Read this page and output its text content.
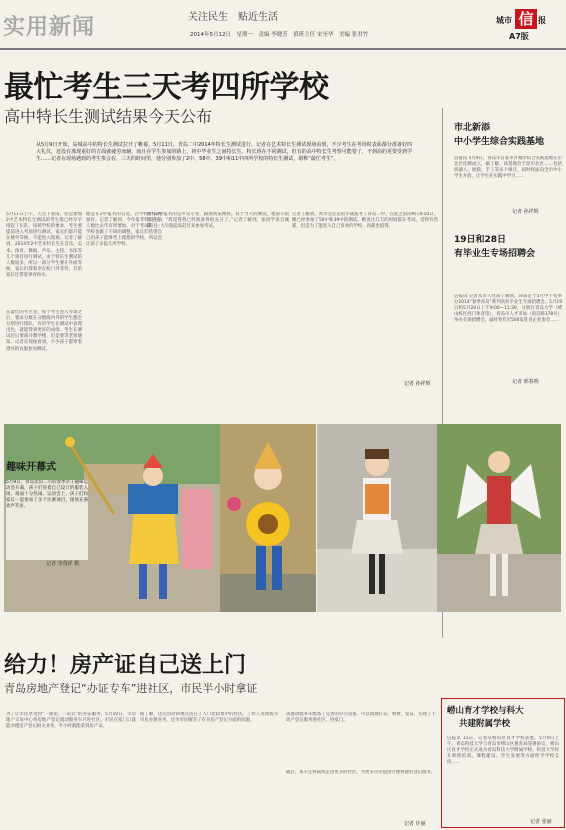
实用新闻	关注民生　贴近生活
2014年5月12日　星期一　责编 李晓芳　值班主任 宋至华　美编 张君竹
城市 信 报
A7版
最忙考生三天考四所学校
高中特长生测试结果今天公布
从5月9日开始，岛城高中的特长生测试拉开了帷幕。5月11日，青岛二中2014年特长生测试进行。记者在艺术特长生测试现场看到，不少考生在考场时表面都分准备好四大礼仪，还没有离现重好的方面就疲劳而辅，而且在学生参加的路上，初中毕业生之间特长生、特长班在不同测试，但有的高中特长生考察可能要了，不到高的更要受到学生……记者在现场遇到的考生参会在，三天的时间里，他分别参加了2中、58中、39中和11中四所学校的特长生测试，堪称“最忙考生”。
5月11日上午，天还下着雨，但是参加2中艺术特长生测试的考生都已经早早排起了长队，按照学校的要求，考生要提前进入考场进行测试，家长们都只能在楼外等候。不能进入现场。记者了解到，2014年2中艺术特长生在音乐、美术、体育、舞蹈、声乐、主持、书法等几个项目进行测试。由于特长生测试的人数较多，所以一部分学生要在外面等候。家长们撑着伞在校门外等待，有的家长还带着零食和水。
在最忙的考生里，每个考生进入考场之后，要求分数在分数线内外的学生都会分别进行排队，有的学生在测试中表现出色，就能得到更好的成绩。考生在测试过后要离开教学楼，但是要等老师通知。记者在现场看到，不少孩子都穿着漂亮的衣服参加测试。
他是在2中报名的首选，在学校中表现很好。记者了解到，今年报考特长生的人数比去年有所增加，对于考试科目，学校也做了不同的调整。家长们希望自己的孩子能够考上理想的学校，所以会让孩子多报几所学校。
他在2中报名的是声乐专业，跟现到某网班。对于当天的测试，他表示很有信心。“我觉得我已经准备得很充分了。”记者了解到，张同学来自城阳，一大早就起床赶过来参加考试。
记者了解到，黄尔莹还是很早就报考了青岛二中，在此之前的9日和10日，她已经参加了58中和39中的测试。她说这几天的时间都在考试，觉得有些累，但是为了能进入自己喜欢的学校，再累也值得。
记者 孙祥辉
市北新添
中小学生综合实践基地
信报讯 5月9日，青岛市首家市区城市综合实践基地在市北区挂牌成立，据了解，该基地位于原市北区……包括机器人、航模、手工等多个项目，届时将面向全市中小学生开放，让学生在实践中学习……
记者 孙祥辉
19日和28日
有毕业生专场招聘会
信报讯 记者从市人社局了解到，该局定于5月中下旬举办2014“春季青岛”系列高校毕业生专场招聘会。5月19日和5月28日上午9:00—11:30，分别在青岛大学（崂山校区西门体育馆）、青岛市人才市场（南京路178号）举办专场招聘会。届时将有近500家驻青企业参会……
记者 邢春明
趣味开幕式
5月9日，青岛北山二小的春季亲子趣味运动会开幕，孩子们身着自己设计的服装入场，场面十分热闹。运动会上，孩子们和家长一起参加了多个比赛项目，现场充满欢声笑语。
记者 李茂祥 摄
给力！房产证自己送上门
青岛房地产登记“办证专车”进社区，市民半小时拿证
为了让市民享受到“一条龙、一站式”的办证服务，5月10日，市房地产交易中心将房地产登记流动服务车开进社区。市民在家门口就能办理房产登记相关业务，半小时就能拿到房产证。
据了解，这次活动的地点选在了人口比较集中的社区。工作人员现场为市民办理业务，还为市民解答了有关房产登记方面的问题。
该流动服务车配备了完善的办公设备，可以现场打证、收费、发证，实现了不动产登记服务进社区、进家门。
随后，该车还将陆续走进更多的社区，为更多市民提供方便快捷的登记服务。
记者 许丽
崂山育才学校与科大
共建附属学校
信报讯 11日，记者从崂山区育才学校获悉，5月9日上午，青岛科技大学与青岛市崂山区教育局签署协议，崂山区育才学校正式成为青岛科技大学附属学校。科技大学将在师资培训、课程建设、学生发展等方面给予学校支持……
记者 张丽
